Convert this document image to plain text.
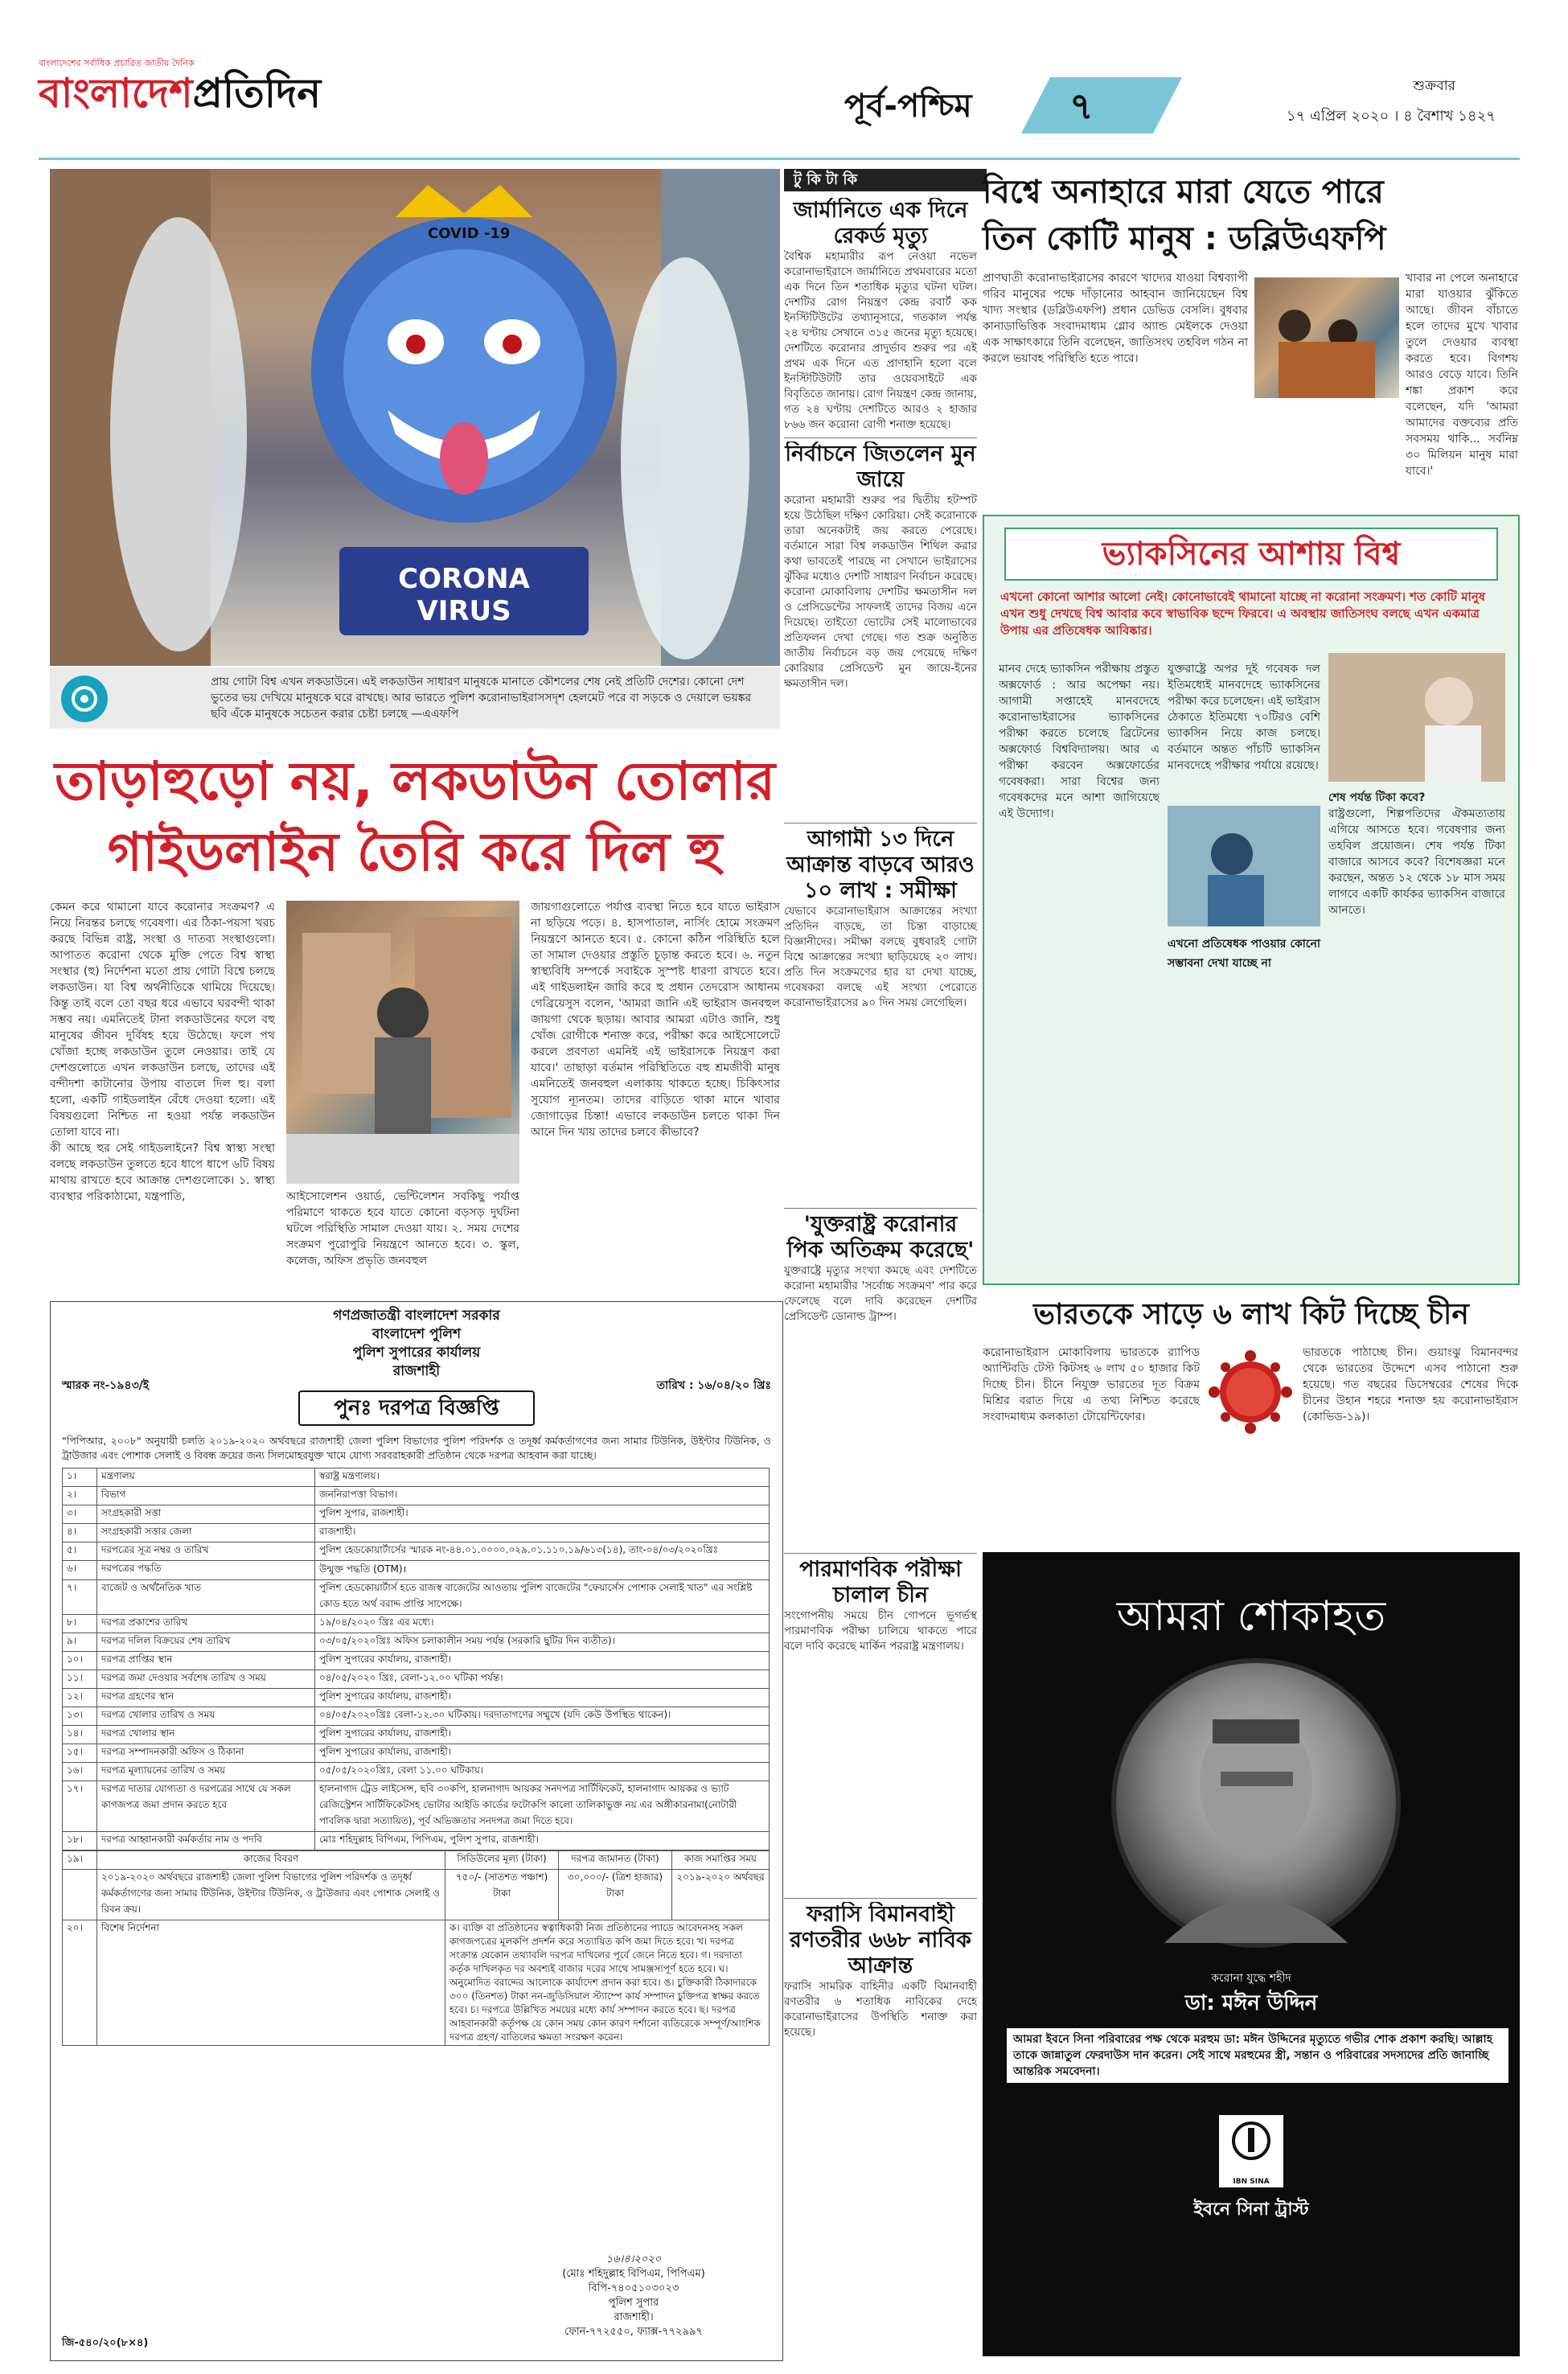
বাংলাদেশের সর্বাধিক প্রচারিত জাতীয় দৈনিক
বাংলাদেশপ্রতিদিন	পূর্ব-পশ্চিম	৭	শুক্রবার
১৭ এপ্রিল ২০২০ । ৪ বৈশাখ ১৪২৭
COVID -19
CORONA VIRUS
প্রায় গোটা বিশ্ব এখন লকডাউনে। এই লকডাউন সাধারণ মানুষকে মানাতে কৌশলের শেষ নেই প্রতিটি দেশের। কোনো দেশ ভুতের ভয় দেখিয়ে মানুষকে ঘরে রাখছে। আর ভারতে পুলিশ করোনাভাইরাসসদৃশ হেলমেট পরে বা সড়কে ও দেয়ালে ভয়ঙ্কর ছবি এঁকে মানুষকে সচেতন করার চেষ্টা চলছে —এএফপি
তাড়াহুড়ো নয়, লকডাউন তোলার
গাইডলাইন তৈরি করে দিল হু
কেমন করে থামানো যাবে করোনার সংক্রমণ? এ নিয়ে নিরন্তর চলছে গবেষণা। এর ঠিকা-পয়সা খরচ করছে বিভিন্ন রাষ্ট্র, সংস্থা ও দাতব্য সংস্থাগুলো। আপাতত করোনা থেকে মুক্তি পেতে বিশ্ব স্বাস্থ্য সংস্থার (হু) নির্দেশনা মতো প্রায় গোটা বিশ্বে চলছে লকডাউন। যা বিশ্ব অর্থনীতিকে থামিয়ে দিয়েছে। কিন্তু তাই বলে তো বছর ধরে এভাবে ঘরবন্দী থাকা সম্ভব নয়। এমনিতেই টানা লকডাউনের ফলে বহু মানুষের জীবন দুর্বিষহ হয়ে উঠেছে। ফলে পথ খোঁজা হচ্ছে লকডাউন তুলে নেওয়ার। তাই যে দেশগুলোতে এখন লকডাউন চলছে, তাদের এই বন্দীদশা কাটানোর উপায় বাতলে দিল হু। বলা হলো, একটি গাইডলাইন বেঁধে দেওয়া হলো। এই বিষয়গুলো নিশ্চিত না হওয়া পর্যন্ত লকডাউন তোলা যাবে না।
কী আছে হুর সেই গাইডলাইনে? বিশ্ব স্বাস্থ্য সংস্থা বলছে লকডাউন তুলতে হবে ধাপে ধাপে ৬টি বিষয় মাথায় রাখতে হবে আক্রান্ত দেশগুলোকে। ১. স্বাস্থ্য ব্যবস্থার পরিকাঠামো, যন্ত্রপাতি,	আইসোলেশন ওয়ার্ড, ভেন্টিলেশন সবকিছু পর্যাপ্ত পরিমাণে থাকতে হবে যাতে কোনো বড়সড় দুর্ঘটনা ঘটলে পরিস্থিতি সামাল দেওয়া যায়। ২. সময় দেশের সংক্রমণ পুরোপুরি নিয়ন্ত্রণে আনতে হবে। ৩. স্কুল, কলেজ, অফিস প্রভৃতি জনবহুল
জায়গাগুলোতে পর্যাপ্ত ব্যবস্থা নিতে হবে যাতে ভাইরাস না ছড়িয়ে পড়ে। ৪. হাসপাতাল, নার্সিং হোমে সংক্রমণ নিয়ন্ত্রণে আনতে হবে। ৫. কোনো কঠিন পরিস্থিতি হলে তা সামাল দেওয়ার প্রস্তুতি চূড়ান্ত করতে হবে। ৬. নতুন স্বাস্থ্যবিধি সম্পর্কে সবাইকে সুস্পষ্ট ধারণা রাখতে হবে। এই গাইডলাইন জারি করে হু প্রধান তেদরোস আধানম গেব্রিয়েসুস বলেন, 'আমরা জানি এই ভাইরাস জনবহুল জায়গা থেকে ছড়ায়। আবার আমরা এটাও জানি, শুধু খোঁজ রোগীকে শনাক্ত করে, পরীক্ষা করে আইসোলেটে করলে প্রবণতা এমনিই এই ভাইরাসকে নিয়ন্ত্রণ করা যাবে।' তাছাড়া বর্তমান পরিস্থিতিতে বহু শ্রমজীবী মানুষ এমনিতেই জনবহুল এলাকায় থাকতে হচ্ছে। চিকিৎসার সুযোগ ন্যূনতম। তাদের বাড়িতে থাকা মানে খাবার জোগাড়ের চিন্তা! এভাবে লকডাউন চলতে থাকা দিন আনে দিন খায় তাদের চলবে কীভাবে?
গণপ্রজাতন্ত্রী বাংলাদেশ সরকার
বাংলাদেশ পুলিশ
পুলিশ সুপারের কার্যালয়
রাজশাহী
স্মারক নং-১৯৪৩/ই	তারিখ : ১৬/০৪/২০ খ্রিঃ
পুনঃ দরপত্র বিজ্ঞপ্তি
"পিপিআর, ২০০৮" অনুযায়ী চলতি ২০১৯-২০২০ অর্থবছরে রাজশাহী জেলা পুলিশ বিভাগের পুলিশ পরিদর্শক ও তদূর্ধ্ব কর্মকর্তাগণের জন্য সামার টিউনিক, উইন্টার টিউনিক, ও ট্রাউজার এবং পোশাক সেলাই ও বিবন্ধ ক্রয়ের জন্য সিলমোহরযুক্ত খামে যোগ্য সরবরাহকারী প্রতিষ্ঠান থেকে দরপত্র আহবান করা যাচ্ছে।
১।	মন্ত্রণালয়	স্বরাষ্ট্র মন্ত্রণালয়।
২।	বিভাগ	জননিরাপত্তা বিভাগ।
৩।	সংগ্রহকারী সত্তা	পুলিশ সুপার, রাজশাহী।
৪।	সংগ্রহকারী সত্তার জেলা	রাজশাহী।
৫।	দরপত্রের সূত্র নম্বর ও তারিখ	পুলিশ হেডকোয়ার্টার্সের স্মারক নং-৪৪.০১.০০০০.০২৯.০১.১১০.১৯/৬১৩(১৪), তাং-০৪/০৩/২০২০খ্রিঃ
৬।	দরপত্রের পদ্ধতি	উন্মুক্ত পদ্ধতি (OTM)।
৭।	বাজেট ও অর্থনৈতিক খাত	পুলিশ হেডকোয়ার্টার্স হতে রাজস্ব বাজেটের আওতায় পুলিশ বাজেটের "ফেয়ার্সেস পোশাক সেলাই খাত" এর সংশ্লিষ্ট কোড হতে অর্থ বরাদ্দ প্রাপ্তি সাপেক্ষে।
৮।	দরপত্র প্রকাশের তারিখ	১৯/০৪/২০২০ খ্রিঃ এর মধ্যে।
৯।	দরপত্র দলিল বিক্রয়ের শেষ তারিখ	০৩/০৫/২০২০খ্রিঃ অফিস চলাকালীন সময় পর্যন্ত (সরকারি ছুটির দিন ব্যতীত)।
১০।	দরপত্র প্রাপ্তির স্থান	পুলিশ সুপারের কার্যালয়, রাজশাহী।
১১।	দরপত্র জমা দেওয়ার সর্বশেষ তারিখ ও সময়	০৪/০৫/২০২০ খ্রিঃ, বেলা-১২.০০ ঘটিকা পর্যন্ত।
১২।	দরপত্র গ্রহণের স্থান	পুলিশ সুপারের কার্যালয়, রাজশাহী।
১৩।	দরপত্র খোলার তারিখ ও সময়	০৪/০৫/২০২০খ্রিঃ বেলা-১২.৩০ ঘটিকায়। দরদাতাগণের সম্মুখে (যদি কেউ উপস্থিত থাকেন)।
১৪।	দরপত্র খোলার স্থান	পুলিশ সুপারের কার্যালয়, রাজশাহী।
১৫।	দরপত্র সম্পাদনকারী অফিস ও ঠিকানা	পুলিশ সুপারের কার্যালয়, রাজশাহী।
১৬।	দরপত্র মূল্যায়নের তারিখ ও সময়	০৫/০৫/২০২০খ্রিঃ, বেলা ১১.০০ ঘটিকায়।
১৭।	দরপত্র দাতার যোগ্যতা ও দরপত্রের সাথে যে সকল কাগজপত্র জমা প্রদান করতে হবে	হালনাগাদ ট্রেড লাইসেন্স, ছবি ৩০কপি, হালনাগাদ আয়কর সনদপত্র সার্টিফিকেট, হালনাগাদ আয়কর ও ভ্যাট রেজিস্ট্রেশন সার্টিফিকেটসহ ভোটার আইডি কার্ডের ফটোকপি কালো তালিকাভুক্ত নয় এর অঙ্গীকারনামা(নোটারী পাবলিক দ্বারা সত্যায়িত), পূর্ব অভিজ্ঞতার সনদপত্র জমা দিতে হবে।
১৮।	দরপত্র আহ্বানকারী কর্মকর্তার নাম ও পদবি	মোঃ শহিদুল্লাহ বিপিএম, পিপিএম, পুলিশ সুপার, রাজশাহী।
১৯।	কাজের বিবরণ	সিডিউলের মূল্য (টাকা)	দরপত্র জামানত (টাকা)	কাজ সমাপ্তির সময়
	২০১৯-২০২০ অর্থবছরে রাজশাহী জেলা পুলিশ বিভাগের পুলিশ পরিদর্শক ও তদূর্ধ্ব কর্মকর্তাগণের জন্য সামার টিউনিক, উইন্টার টিউনিক, ও ট্রাউজার এবং পোশাক সেলাই ও রিবন ক্রয়।	৭৫০/- (সাতশত পঞ্চাশ) টাকা	৩০,০০০/- (ত্রিশ হাজার) টাকা	২০১৯-২০২০ অর্থবছর
২০।	বিশেষ নির্দেশনা	ক। ব্যক্তি বা প্রতিষ্ঠানের স্বত্বাধিকারী নিজ প্রতিষ্ঠানের প্যাডে আবেদনসহ সকল কাগজপত্রের মূলকপি প্রদর্শন করে সত্যায়িত কপি জমা দিতে হবে। খ। দরপত্র সংক্রান্ত যেকোন তথ্যাবলি দরপত্র দাখিলের পূর্বে জেনে নিতে হবে। গ। দরদাতা কর্তৃক দাখিলকৃত দর অবশ্যই বাজার দরের সাথে সামঞ্জস্যপূর্ণ হতে হবে। ঘ। অনুমোদিত বরাদ্দের আলোকে কার্যাদেশ প্রদান করা হবে। ঙ। চুক্তিকারী ঠিকাদারকে ৩০০ (তিনশত) টাকা নন-জুডিসিয়াল স্ট্যাম্পে কার্য সম্পাদন চুক্তিপত্র স্বাক্ষর করতে হবে। চ। দরপত্রে উল্লিখিত সময়ের মধ্যে কার্য সম্পাদন করতে হবে। ছ। দরপত্র আহবানকারী কর্তৃপক্ষ যে কোন সময় কোন কারণ দর্শানো ব্যতিরেকে সম্পূর্ণ/আংশিক দরপত্র গ্রহণ/ বাতিলের ক্ষমতা সংরক্ষণ করেন।		
১৬।৪।২০২০
(মোঃ শহিদুল্লাহ বিপিএম, পিপিএম)
বিপি-৭৪০৫১০৩০২৩
পুলিশ সুপার
রাজশাহী।
ফোন-৭৭২৫৫০, ফ্যাক্স-৭৭২৯৯৭
জি-৫৪০/২০(৮×৪)
টু কি টা কি
জার্মানিতে এক দিনে রেকর্ড মৃত্যু
বৈশ্বিক মহামারীর রূপ নেওয়া নভেল করোনাভাইরাসে জার্মানিতে প্রথমবারের মতো এক দিনে তিন শতাধিক মৃত্যুর ঘটনা ঘটল। দেশটির রোগ নিয়ন্ত্রণ কেন্দ্র রবার্ট কক ইনস্টিটিউটের তথ্যানুসারে, গতকাল পর্যন্ত ২৪ ঘণ্টায় সেখানে ৩১৫ জনের মৃত্যু হয়েছে। দেশটিতে করোনার প্রাদুর্ভাব শুরুর পর এই প্রথম এক দিনে এত প্রাণহানি হলো বলে ইনস্টিটিউটটি তার ওয়েবসাইটে এক বিবৃতিতে জানায়। রোগ নিয়ন্ত্রণ কেন্দ্র জানায়, গত ২৪ ঘণ্টায় দেশটিতে আরও ২ হাজার ৮৬৬ জন করোনা রোগী শনাক্ত হয়েছে।
নির্বাচনে জিতলেন মুন জায়ে
করোনা মহামারী শুরুর পর দ্বিতীয় হটস্পট হয়ে উঠেছিল দক্ষিণ কোরিয়া। সেই করোনাকে তারা অনেকটাই জয় করতে পেরেছে। বর্তমানে সারা বিশ্ব লকডাউন শিথিল করার কথা ভাবতেই পারছে না সেখানে ভাইরাসের ঝুঁকির মধ্যেও দেশটি সাধারণ নির্বাচন করেছে। করোনা মোকাবিলায় দেশটির ক্ষমতাসীন দল ও প্রেসিডেন্টের সাফল্যই তাদের বিজয় এনে দিয়েছে। তাইতো ভোটের সেই মালোভাবের প্রতিফলন দেখা গেছে। গত শুক্র অনুষ্ঠিত জাতীয় নির্বাচনে বড় জয় পেয়েছে দক্ষিণ কোরিয়ার প্রেসিডেন্ট মুন জায়ে-ইনের ক্ষমতাসীন দল।
আগামী ১৩ দিনে আক্রান্ত বাড়বে আরও ১০ লাখ : সমীক্ষা
যেভাবে করোনাভাইরাস আক্রান্তের সংখ্যা প্রতিদিন বাড়ছে, তা চিন্তা বাড়াচ্ছে বিজ্ঞানীদের। সমীক্ষা বলছে বুধবারই গোটা বিশ্বে আক্রান্তের সংখ্যা ছাড়িয়েছে ২০ লাখ। প্রতি দিন সংক্রমণের হার যা দেখা যাচ্ছে, গবেষকরা বলছে এই সংখ্যা পেরোতে করোনাভাইরাসের ৯০ দিন সময় লেগেছিল।
'যুক্তরাষ্ট্র করোনার পিক অতিক্রম করেছে'
যুক্তরাষ্ট্রে মৃত্যুর সংখ্যা কমছে এবং দেশটিতে করোনা মহামারীর 'সর্বোচ্চ সংক্রমণ' পার করে ফেলেছে বলে দাবি করেছেন দেশটির প্রেসিডেন্ট ডোনাল্ড ট্রাম্প।
পারমাণবিক পরীক্ষা চালাল চীন
সংগোপনীয় সময়ে চীন গোপনে ভূগর্ভস্থ পারমাণবিক পরীক্ষা চালিয়ে থাকতে পারে বলে দাবি করেছে মার্কিন পররাষ্ট্র মন্ত্রণালয়।
ফরাসি বিমানবাহী রণতরীর ৬৬৮ নাবিক আক্রান্ত
ফরাসি সামরিক বাহিনীর একটি বিমানবাহী রণতরীর ৬ শতাধিক নাবিকের দেহে করোনাভাইরাসের উপস্থিতি শনাক্ত করা হয়েছে।
বিশ্বে অনাহারে মারা যেতে পারে
তিন কোটি মানুষ : ডব্লিউএফপি
প্রাণঘাতী করোনাভাইরাসের কারণে খাদ্যের যাওয়া বিশ্বব্যাপী গরিব মানুষের পক্ষে দাঁড়ানোর আহবান জানিয়েছেন বিশ্ব খাদ্য সংস্থার (ডব্লিউএফপি) প্রধান ডেভিড বেসলি। বুধবার কানাডাভিত্তিক সংবাদমাধ্যম গ্লোব অ্যান্ড মেইলকে দেওয়া এক সাক্ষাৎকারে তিনি বলেছেন, জাতিসংঘ তহবিল গঠন না করলে ভয়াবহ পরিস্থিতি হতে পারে।
খাবার না পেলে অনাহারে মারা যাওয়ার ঝুঁকিতে আছে। জীবন বাঁচাতে হলে তাদের মুখে খাবার তুলে দেওয়ার ব্যবস্থা করতে হবে। বিগশয় আরও বেড়ে যাবে। তিনি শঙ্কা প্রকাশ করে বলেছেন, যদি 'আমরা আমাদের বক্তব্যের প্রতি সবসময় থাকি... সর্বনিম্ন ৩০ মিলিয়ন মানুষ মারা যাবে।'
ভ্যাকসিনের আশায় বিশ্ব
এখনো কোনো আশার আলো নেই। কোনোভাবেই থামানো যাচ্ছে না করোনা সংক্রমণ। শত কোটি মানুষ এখন শুধু দেখছে বিশ্ব আবার কবে স্বাভাবিক ছন্দে ফিরবে। এ অবস্থায় জাতিসংঘ বলছে এখন একমাত্র উপায় এর প্রতিষেধক আবিষ্কার।
মানব দেহে ভ্যাকসিন পরীক্ষায় প্রস্তুত অক্সফোর্ড : আর অপেক্ষা নয়। আগামী সপ্তাহেই মানবদেহে করোনাভাইরাসের ভ্যাকসিনের পরীক্ষা করতে চলেছে ব্রিটেনের অক্সফোর্ড বিশ্ববিদ্যালয়। আর এ পরীক্ষা করবেন অক্সফোর্ডের গবেষকরা। সারা বিশ্বের জন্য গবেষকদের মনে আশা জাগিয়েছে এই উদ্যোগ।
যুক্তরাষ্ট্রে অপর দুই গবেষক দল ইতিমধ্যেই মানবদেহে ভ্যাকসিনের পরীক্ষা করে চলেছেন। এই ভাইরাস ঠেকাতে ইতিমধ্যে ৭০টিরও বেশি ভ্যাকসিন নিয়ে কাজ চলছে। বর্তমানে অন্তত পাঁচটি ভ্যাকসিন মানবদেহে পরীক্ষার পর্যায়ে রয়েছে।
এখনো প্রতিষেধক পাওয়ার কোনো সম্ভাবনা দেখা যাচ্ছে না
শেষ পর্যন্ত টিকা কবে?
রাষ্ট্রগুলো, শিল্পপতিদের ঐকমত্যতায় এগিয়ে আসতে হবে। গবেষণার জন্য তহবিল প্রয়োজন। শেষ পর্যন্ত টিকা বাজারে আসবে কবে? বিশেষজ্ঞরা মনে করছেন, অন্তত ১২ থেকে ১৮ মাস সময় লাগবে একটি কার্যকর ভ্যাকসিন বাজারে আনতে।
ভারতকে সাড়ে ৬ লাখ কিট দিচ্ছে চীন
করোনাভাইরাস মোকাবিলায় ভারতকে র‌্যাপিড অ্যান্টিবডি টেস্ট কিটসহ ৬ লাখ ৫০ হাজার কিট দিচ্ছে চীন। চীনে নিযুক্ত ভারতের দূত বিক্রম মিশ্রির বরাত দিয়ে এ তথ্য নিশ্চিত করেছে সংবাদমাধ্যম কলকাতা টোয়েন্টিফোর।
ভারতকে পাঠাচ্ছে চীন। গুয়াংঝু বিমানবন্দর থেকে ভারতের উদ্দেশে এসব পাঠানো শুরু হয়েছে। গত বছরের ডিসেম্বরের শেষের দিকে চীনের উহান শহরে শনাক্ত হয় করোনাভাইরাস (কোভিড-১৯)।
আমরা শোকাহত
করোনা যুদ্ধে শহীদ
ডা: মঈন উদ্দিন
আমরা ইবনে সিনা পরিবারের পক্ষ থেকে মরহুম ডা: মঈন উদ্দিনের মৃত্যুতে গভীর শোক প্রকাশ করছি। আল্লাহ তাকে জান্নাতুল ফেরদাউস দান করেন। সেই সাথে মরহুমের স্ত্রী, সন্তান ও পরিবারের সদস্যদের প্রতি জানাচ্ছি আন্তরিক সমবেদনা।
IBN SINA
ইবনে সিনা ট্রাস্ট
